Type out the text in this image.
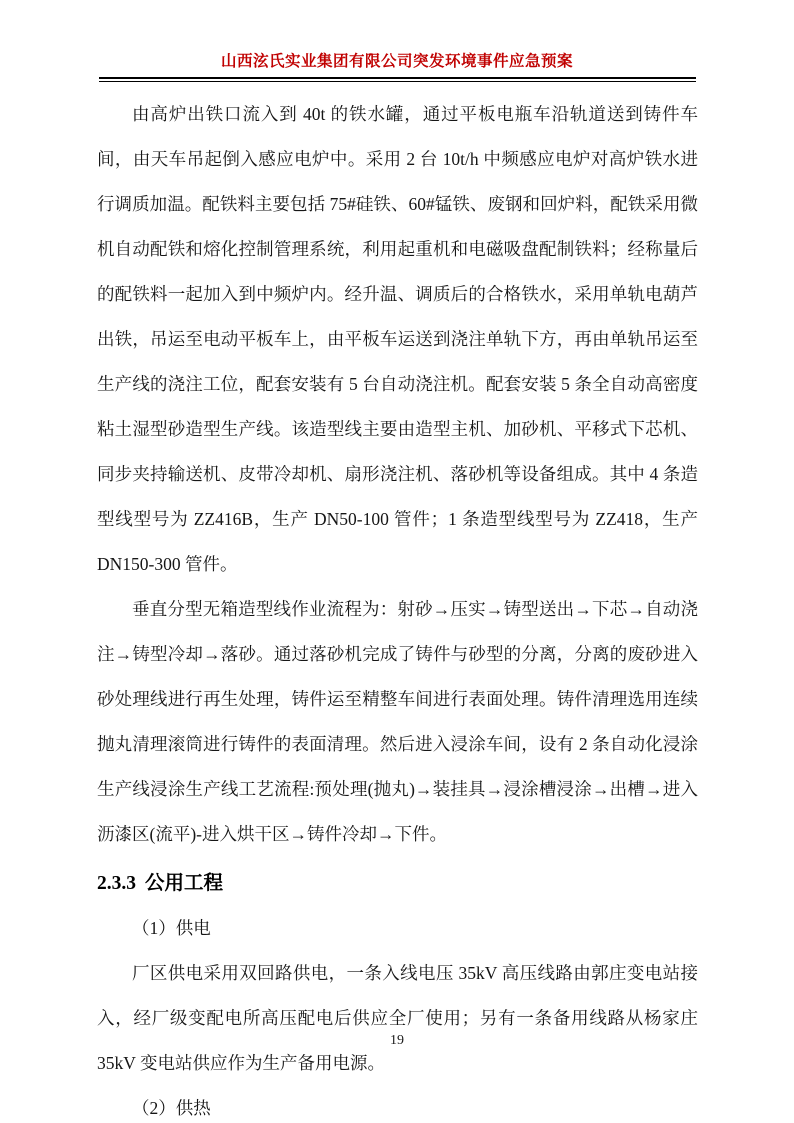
山西泫氏实业集团有限公司突发环境事件应急预案

由高炉出铁口流入到 40t 的铁水罐，通过平板电瓶车沿轨道送到铸件车间，由天车吊起倒入感应电炉中。采用 2 台 10t/h 中频感应电炉对高炉铁水进行调质加温。配铁料主要包括 75#硅铁、60#锰铁、废钢和回炉料，配铁采用微机自动配铁和熔化控制管理系统，利用起重机和电磁吸盘配制铁料；经称量后的配铁料一起加入到中频炉内。经升温、调质后的合格铁水，采用单轨电葫芦出铁，吊运至电动平板车上，由平板车运送到浇注单轨下方，再由单轨吊运至生产线的浇注工位，配套安装有 5 台自动浇注机。配套安装 5 条全自动高密度粘土湿型砂造型生产线。该造型线主要由造型主机、加砂机、平移式下芯机、同步夹持输送机、皮带冷却机、扇形浇注机、落砂机等设备组成。其中 4 条造型线型号为 ZZ416B，生产 DN50-100 管件；1 条造型线型号为 ZZ418，生产 DN150-300 管件。

垂直分型无箱造型线作业流程为：射砂→压实→铸型送出→下芯→自动浇注→铸型冷却→落砂。通过落砂机完成了铸件与砂型的分离，分离的废砂进入砂处理线进行再生处理，铸件运至精整车间进行表面处理。铸件清理选用连续抛丸清理滚筒进行铸件的表面清理。然后进入浸涂车间，设有 2 条自动化浸涂生产线浸涂生产线工艺流程:预处理(抛丸)→装挂具→浸涂槽浸涂→出槽→进入沥漆区(流平)-进入烘干区→铸件冷却→下件。

2.3.3 公用工程

（1）供电

厂区供电采用双回路供电，一条入线电压 35kV 高压线路由郭庄变电站接入，经厂级变配电所高压配电后供应全厂使用；另有一条备用线路从杨家庄 35kV 变电站供应作为生产备用电源。

（2）供热

19
